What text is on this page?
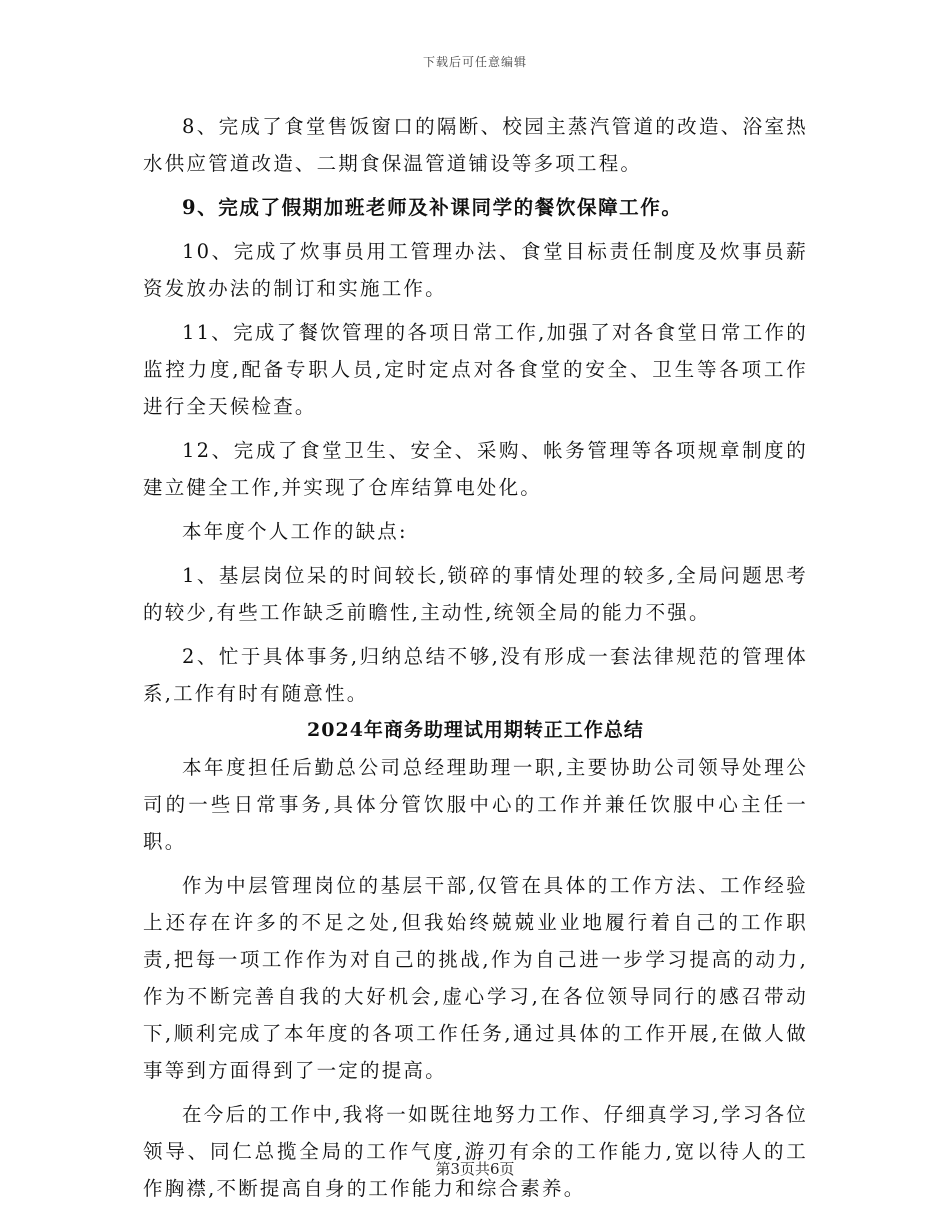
下载后可任意编辑

8、完成了食堂售饭窗口的隔断、校园主蒸汽管道的改造、浴室热水供应管道改造、二期食保温管道铺设等多项工程。

9、完成了假期加班老师及补课同学的餐饮保障工作。

10、完成了炊事员用工管理办法、食堂目标责任制度及炊事员薪资发放办法的制订和实施工作。

11、完成了餐饮管理的各项日常工作,加强了对各食堂日常工作的监控力度,配备专职人员,定时定点对各食堂的安全、卫生等各项工作进行全天候检查。

12、完成了食堂卫生、安全、采购、帐务管理等各项规章制度的建立健全工作,并实现了仓库结算电处化。

本年度个人工作的缺点:

1、基层岗位呆的时间较长,锁碎的事情处理的较多,全局问题思考的较少,有些工作缺乏前瞻性,主动性,统领全局的能力不强。

2、忙于具体事务,归纳总结不够,没有形成一套法律规范的管理体系,工作有时有随意性。

2024年商务助理试用期转正工作总结

本年度担任后勤总公司总经理助理一职,主要协助公司领导处理公司的一些日常事务,具体分管饮服中心的工作并兼任饮服中心主任一职。

作为中层管理岗位的基层干部,仅管在具体的工作方法、工作经验上还存在许多的不足之处,但我始终兢兢业业地履行着自己的工作职责,把每一项工作作为对自己的挑战,作为自己进一步学习提高的动力,作为不断完善自我的大好机会,虚心学习,在各位领导同行的感召带动下,顺利完成了本年度的各项工作任务,通过具体的工作开展,在做人做事等到方面得到了一定的提高。

在今后的工作中,我将一如既往地努力工作、仔细真学习,学习各位领导、同仁总揽全局的工作气度,游刃有余的工作能力,宽以待人的工作胸襟,不断提高自身的工作能力和综合素养。

第3页共6页
